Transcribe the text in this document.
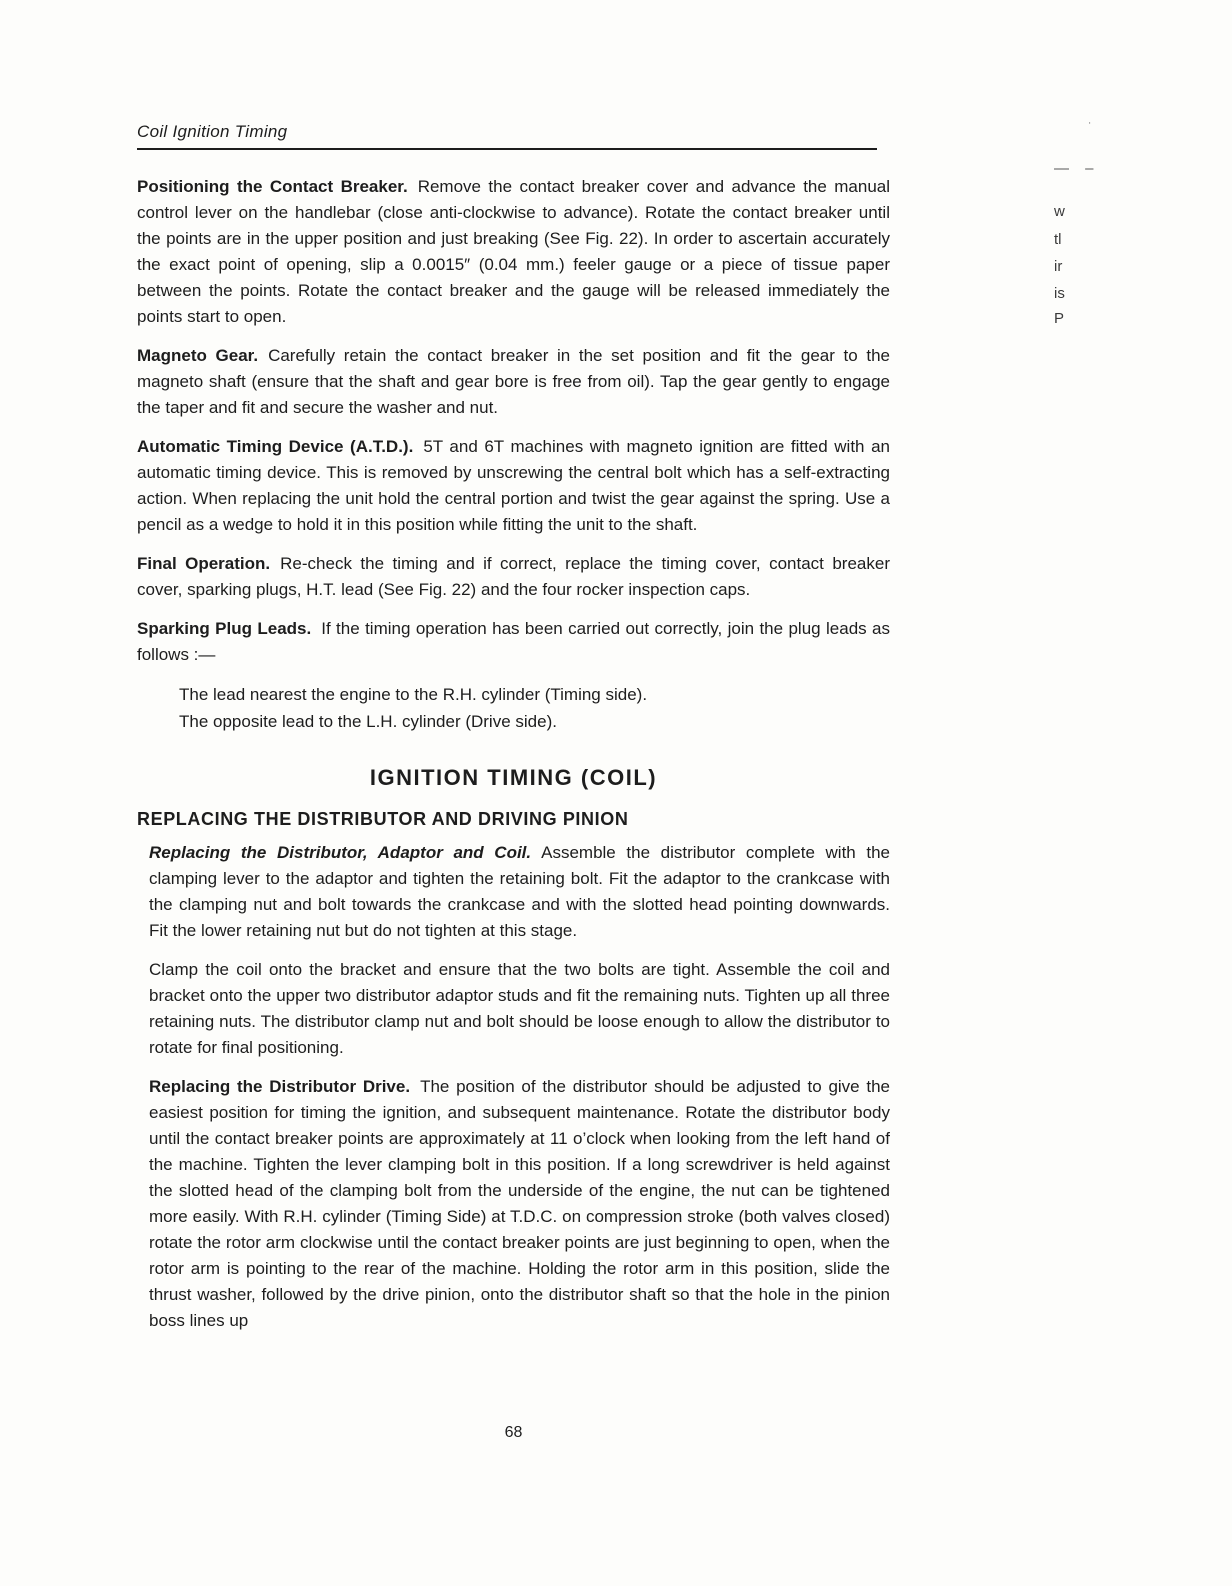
Coil Ignition Timing

Positioning the Contact Breaker. Remove the contact breaker cover and advance the manual control lever on the handlebar (close anti-clockwise to advance). Rotate the contact breaker until the points are in the upper position and just breaking (See Fig. 22). In order to ascertain accurately the exact point of opening, slip a 0.0015″ (0.04 mm.) feeler gauge or a piece of tissue paper between the points. Rotate the contact breaker and the gauge will be released immediately the points start to open.

Magneto Gear. Carefully retain the contact breaker in the set position and fit the gear to the magneto shaft (ensure that the shaft and gear bore is free from oil). Tap the gear gently to engage the taper and fit and secure the washer and nut.

Automatic Timing Device (A.T.D.). 5T and 6T machines with magneto ignition are fitted with an automatic timing device. This is removed by unscrewing the central bolt which has a self-extracting action. When replacing the unit hold the central portion and twist the gear against the spring. Use a pencil as a wedge to hold it in this position while fitting the unit to the shaft.

Final Operation. Re-check the timing and if correct, replace the timing cover, contact breaker cover, sparking plugs, H.T. lead (See Fig. 22) and the four rocker inspection caps.

Sparking Plug Leads. If the timing operation has been carried out correctly, join the plug leads as follows :—

The lead nearest the engine to the R.H. cylinder (Timing side).

The opposite lead to the L.H. cylinder (Drive side).

IGNITION TIMING (COIL)
REPLACING THE DISTRIBUTOR AND DRIVING PINION

Replacing the Distributor, Adaptor and Coil. Assemble the distributor complete with the clamping lever to the adaptor and tighten the retaining bolt. Fit the adaptor to the crankcase with the clamping nut and bolt towards the crankcase and with the slotted head pointing downwards. Fit the lower retaining nut but do not tighten at this stage.

Clamp the coil onto the bracket and ensure that the two bolts are tight. Assemble the coil and bracket onto the upper two distributor adaptor studs and fit the remaining nuts. Tighten up all three retaining nuts. The distributor clamp nut and bolt should be loose enough to allow the distributor to rotate for final positioning.

Replacing the Distributor Drive. The position of the distributor should be adjusted to give the easiest position for timing the ignition, and subsequent maintenance. Rotate the distributor body until the contact breaker points are approximately at 11 o’clock when looking from the left hand of the machine. Tighten the lever clamping bolt in this position. If a long screwdriver is held against the slotted head of the clamping bolt from the underside of the engine, the nut can be tightened more easily. With R.H. cylinder (Timing Side) at T.D.C. on compression stroke (both valves closed) rotate the rotor arm clockwise until the contact breaker points are just beginning to open, when the rotor arm is pointing to the rear of the machine. Holding the rotor arm in this position, slide the thrust washer, followed by the drive pinion, onto the distributor shaft so that the hole in the pinion boss lines up

— –
w
tl
ir
is
P
˙
68
